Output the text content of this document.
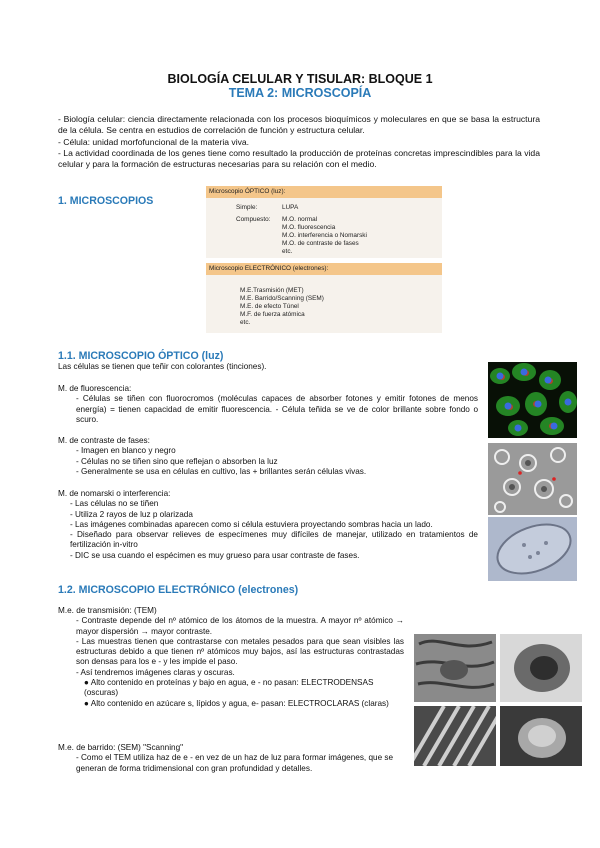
BIOLOGÍA CELULAR Y TISULAR: BLOQUE 1
TEMA 2: MICROSCOPÍA
- Biología celular: ciencia directamente relacionada con los procesos bioquímicos y moleculares en que se basa la estructura de la célula. Se centra en estudios de correlación de función y estructura celular.
- Célula: unidad morfofuncional de la materia viva.
- La actividad coordinada de los genes tiene como resultado la producción de proteínas concretas imprescindibles para la vida celular y para la formación de estructuras necesarias para su relación con el medio.
1. MICROSCOPIOS
Microscopio ÓPTICO (luz):
Simple:	LUPA
Compuesto:	M.O. normal
M.O. fluorescencia
M.O. interferencia o Nomarski
M.O. de contraste de fases
etc.
Microscopio ELECTRÓNICO (electrones):
M.E.Trasmisión (MET)
M.E. Barrido/Scanning (SEM)
M.E. de efecto Túnel
M.F. de fuerza atómica
etc.
1.1. MICROSCOPIO ÓPTICO (luz)
Las células se tienen que teñir con colorantes (tinciones).

M. de fluorescencia:

- Células se tiñen con fluorocromos (moléculas capaces de absorber fotones y emitir fotones de menos energía) = tienen capacidad de emitir fluorescencia. - Célula teñida se ve de color brillante sobre fondo o scuro.

M. de contraste de fases:

- Imagen en blanco y negro

- Células no se tiñen sino que reflejan o absorben la luz

- Generalmente se usa en células en cultivo, las + brillantes serán células vivas.

M. de nomarski o interferencia:

- Las células no se tiñen

- Utiliza 2 rayos de luz p olarizada

- Las imágenes combinadas aparecen como si célula estuviera proyectando sombras hacia un lado.

- Diseñado para observar relieves de especímenes muy difíciles de manejar, utilizado en tratamientos de fertilización in-vitro

- DIC se usa cuando el espécimen es muy grueso para usar contraste de fases.

1.2. MICROSCOPIO ELECTRÓNICO (electrones)

M.e. de transmisión: (TEM)

- Contraste depende del nº atómico de los átomos de la muestra. A mayor nº atómico → mayor dispersión → mayor contraste.

- Las muestras tienen que contrastarse con metales pesados para que sean visibles las estructuras debido a que tienen nº atómicos muy bajos, así las estructuras contrastadas son densas para los e - y les impide el paso.

- Así tendremos imágenes claras y oscuras.

● Alto contenido en proteínas y bajo en agua, e - no pasan: ELECTRODENSAS (oscuras)

● Alto contenido en azúcare s, lípidos y agua, e- pasan: ELECTROCLARAS (claras)

M.e. de barrido: (SEM) "Scanning"

- Como el TEM utiliza haz de e - en vez de un haz de luz para formar imágenes, que se generan de forma tridimensional con gran profundidad y detalles.
